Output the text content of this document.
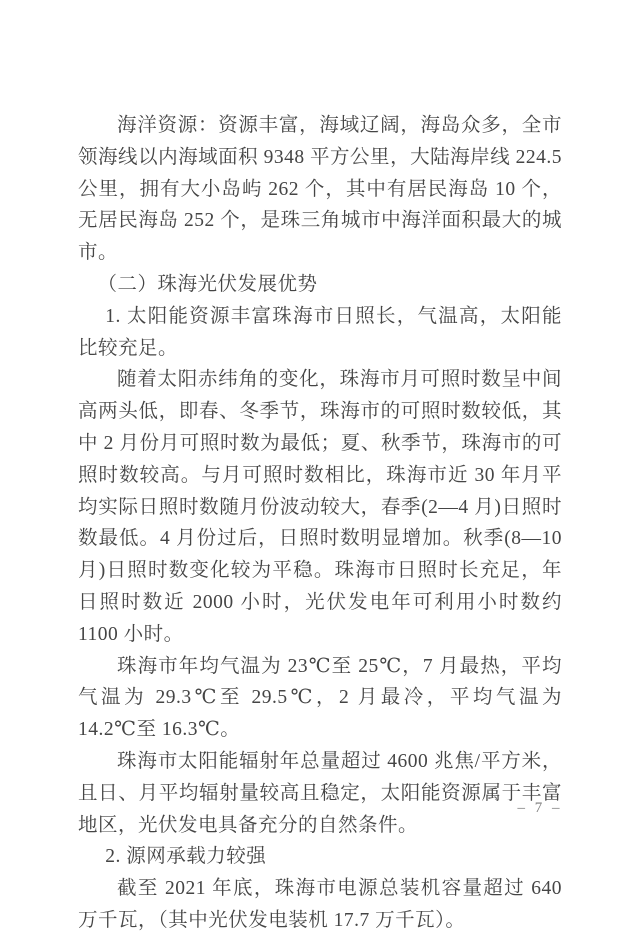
海洋资源：资源丰富，海域辽阔，海岛众多，全市领海线以内海域面积 9348 平方公里，大陆海岸线 224.5 公里，拥有大小岛屿 262 个，其中有居民海岛 10 个，无居民海岛 252 个，是珠三角城市中海洋面积最大的城市。

（二）珠海光伏发展优势

1. 太阳能资源丰富珠海市日照长，气温高，太阳能比较充足。

随着太阳赤纬角的变化，珠海市月可照时数呈中间高两头低，即春、冬季节，珠海市的可照时数较低，其中 2 月份月可照时数为最低；夏、秋季节，珠海市的可照时数较高。与月可照时数相比，珠海市近 30 年月平均实际日照时数随月份波动较大，春季(2—4 月)日照时数最低。4 月份过后，日照时数明显增加。秋季(8—10 月)日照时数变化较为平稳。珠海市日照时长充足，年日照时数近 2000 小时，光伏发电年可利用小时数约 1100 小时。

珠海市年均气温为 23℃至 25℃，7 月最热，平均气温为 29.3℃至 29.5℃，2 月最冷，平均气温为 14.2℃至 16.3℃。

珠海市太阳能辐射年总量超过 4600 兆焦/平方米，且日、月平均辐射量较高且稳定，太阳能资源属于丰富地区，光伏发电具备充分的自然条件。

2. 源网承载力较强

截至 2021 年底，珠海市电源总装机容量超过 640 万千瓦，（其中光伏发电装机 17.7 万千瓦）。

– 7 –
